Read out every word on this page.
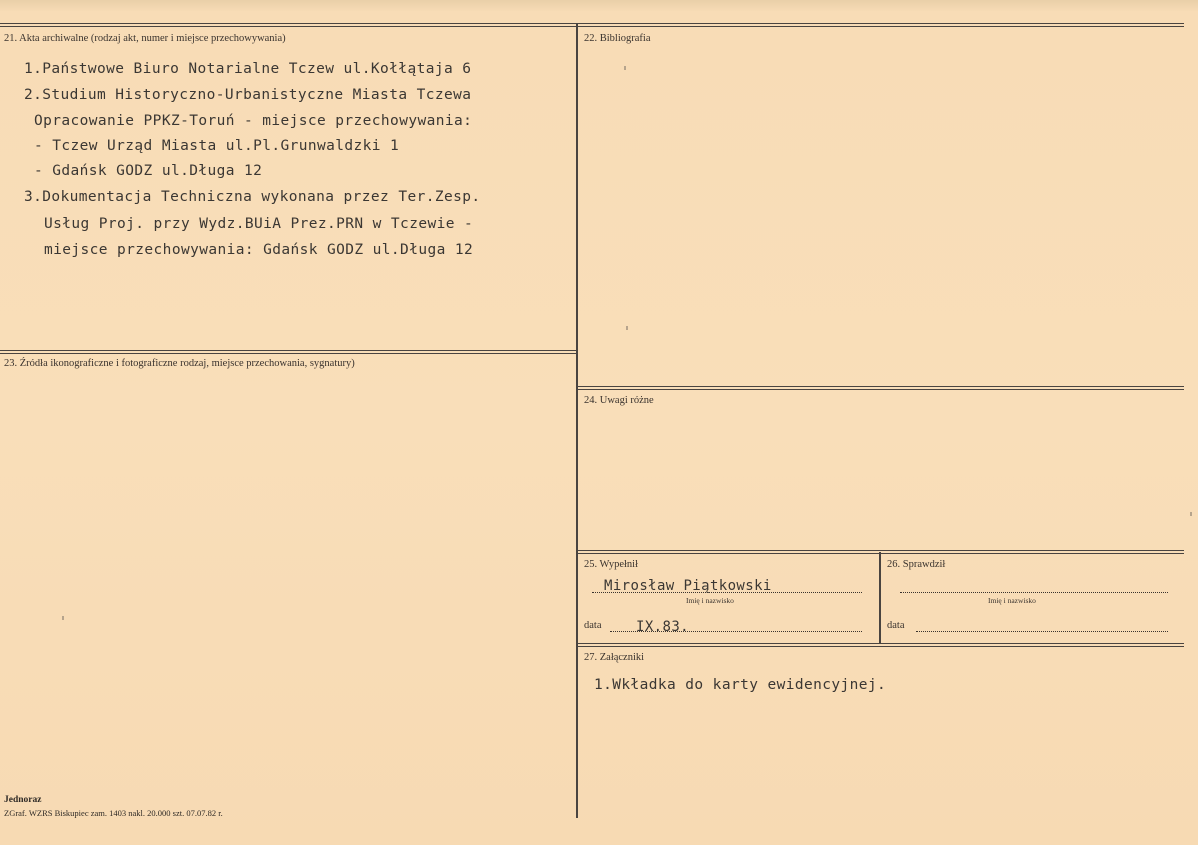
21. Akta archiwalne (rodzaj akt, numer i miejsce przechowywania)
1.Państwowe Biuro Notarialne Tczew ul.Kołłątaja 6
2.Studium Historyczno-Urbanistyczne Miasta Tczewa
Opracowanie PPKZ-Toruń - miejsce przechowywania:
- Tczew Urząd Miasta ul.Pl.Grunwaldzki 1
- Gdańsk GODZ ul.Długa 12
3.Dokumentacja Techniczna wykonana przez Ter.Zesp.
Usług Proj. przy Wydz.BUiA Prez.PRN w Tczewie -
miejsce przechowywania: Gdańsk GODZ ul.Długa 12
22. Bibliografia
23. Źródła ikonograficzne i fotograficzne rodzaj, miejsce przechowania, sygnatury)
24. Uwagi różne
25. Wypełnił
Mirosław Piątkowski
Imię i nazwisko
data IX.83.
26. Sprawdził
Imię i nazwisko
data
27. Załączniki
1.Wkładka do karty ewidencyjnej.
Jednoraz
ZGraf. WZRS Biskupiec zam. 1403 nakl. 20.000 szt. 07.07.82 r.
